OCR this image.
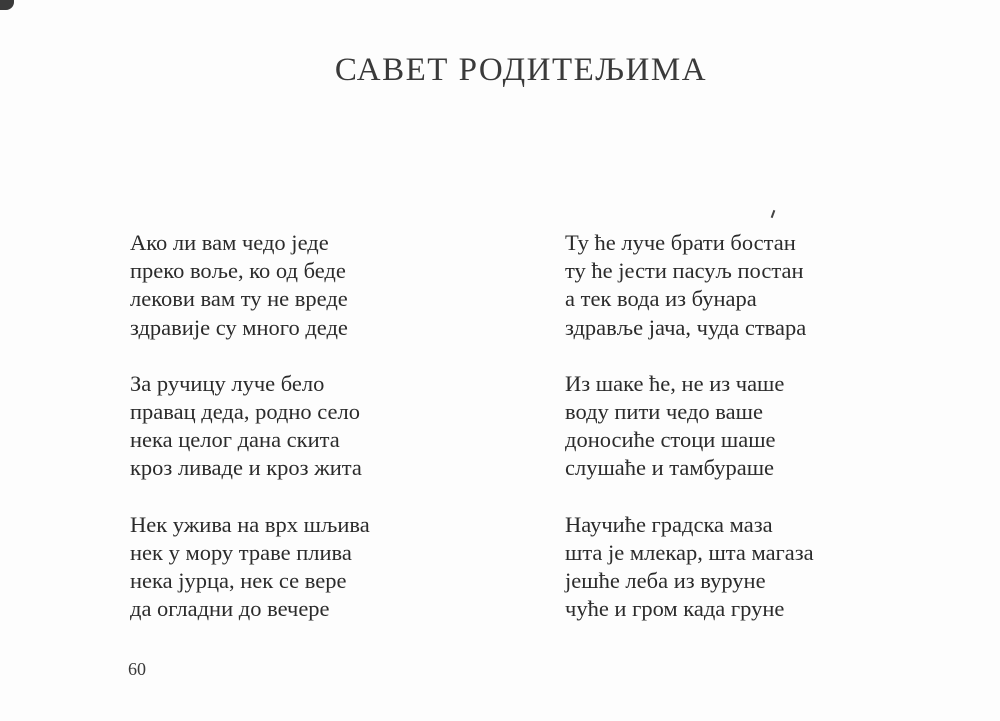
САВЕТ РОДИТЕЉИМА
Ако ли вам чедо једе
преко воље, ко од беде
лекови вам ту не вреде
здравије су много деде
За ручицу луче бело
правац деда, родно село
нека целог дана скита
кроз ливаде и кроз жита
Нек ужива на врх шљива
нек у мору траве плива
нека јурца, нек се вере
да огладни до вечере
Ту ће луче брати бостан
ту ће јести пасуљ постан
а тек вода из бунара
здравље јача, чуда ствара
Из шаке ће, не из чаше
воду пити чедо ваше
доносиће стоци шаше
слушаће и тамбураше
Научиће градска маза
шта је млекар, шта магаза
јешће леба из вуруне
чуће и гром када груне
60
